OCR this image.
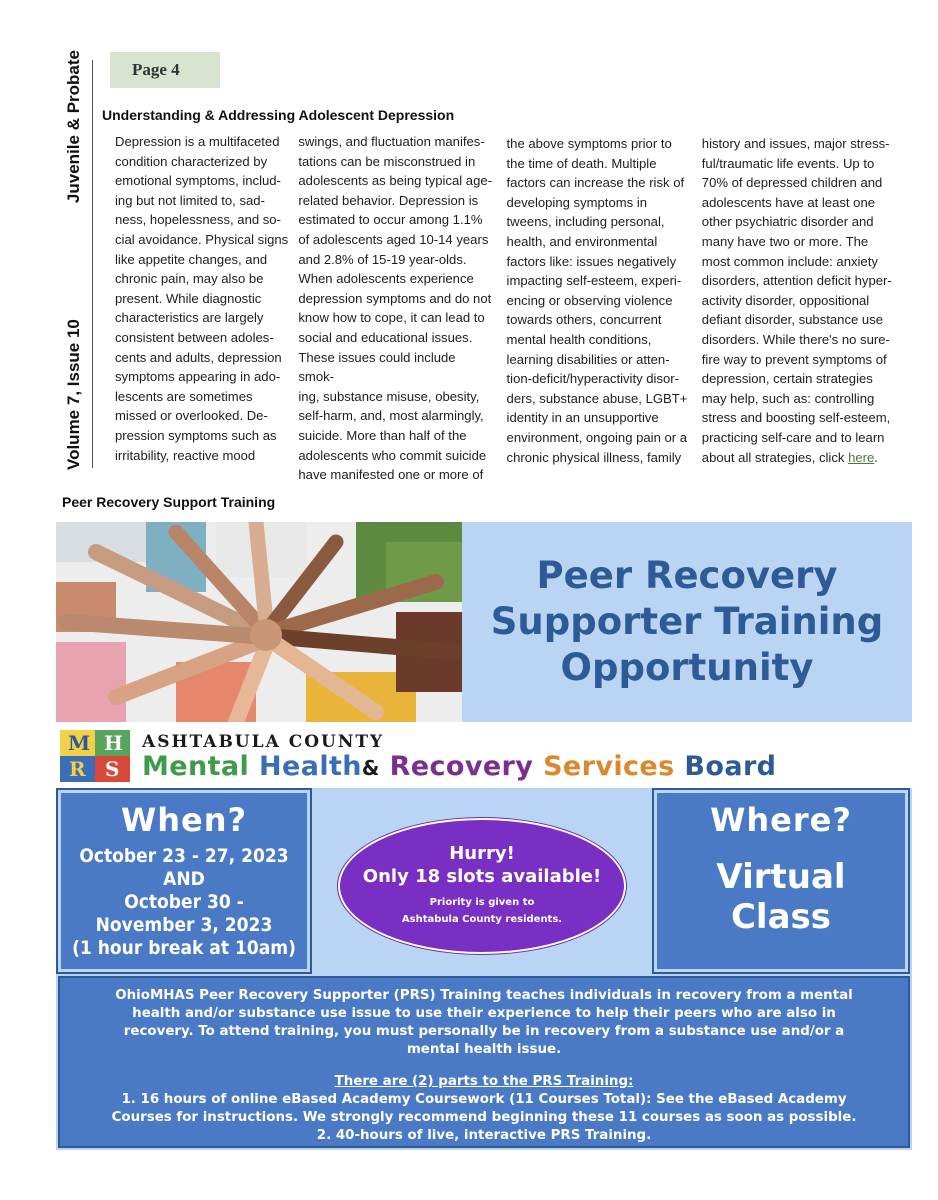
Page 4
Volume 7, Issue 10
Juvenile & Probate Understanding & Addressing Adolescent Depression

Depression is a multifaceted
condition characterized by
emotional symptoms, includ-
ing but not limited to, sad-
ness, hopelessness, and so-
cial avoidance. Physical signs
like appetite changes, and
chronic pain, may also be
present. While diagnostic
characteristics are largely
consistent between adoles-
cents and adults, depression
symptoms appearing in ado-
lescents are sometimes
missed or overlooked. De-
pression symptoms such as
irritability, reactive mood

swings, and fluctuation manifes-
tations can be misconstrued in
adolescents as being typical age-
related behavior. Depression is
estimated to occur among 1.1%
of adolescents aged 10-14 years
and 2.8% of 15-19 year-olds.
When adolescents experience
depression symptoms and do not
know how to cope, it can lead to
social and educational issues.
These issues could include smok-
ing, substance misuse, obesity,
self-harm, and, most alarmingly,
suicide. More than half of the
adolescents who commit suicide
have manifested one or more of

the above symptoms prior to
the time of death. Multiple
factors can increase the risk of
developing symptoms in
tweens, including personal,
health, and environmental
factors like: issues negatively
impacting self-esteem, experi-
encing or observing violence
towards others, concurrent
mental health conditions,
learning disabilities or atten-
tion-deficit/hyperactivity disor-
ders, substance abuse, LGBT+
identity in an unsupportive
environment, ongoing pain or a
chronic physical illness, family

history and issues, major stress-
ful/traumatic life events. Up to
70% of depressed children and
adolescents have at least one
other psychiatric disorder and
many have two or more. The
most common include: anxiety
disorders, attention deficit hyper-
activity disorder, oppositional
defiant disorder, substance use
disorders. While there's no sure-
fire way to prevent symptoms of
depression, certain strategies
may help, such as: controlling
stress and boosting self-esteem,
practicing self-care and to learn
about all strategies, click here.

Peer Recovery Support Training
Peer Recovery
Supporter Training
Opportunity
M H
R S
ASHTABULA COUNTY
Mental Health& Recovery Services Board
When?

October 23 - 27, 2023
AND
October 30 -
November 3, 2023
(1 hour break at 10am)

Hurry!
Only 18 slots available!
Priority is given to
Ashtabula County residents.
Where?

Virtual
Class

OhioMHAS Peer Recovery Supporter (PRS) Training teaches individuals in recovery from a mental
health and/or substance use issue to use their experience to help their peers who are also in
recovery. To attend training, you must personally be in recovery from a substance use and/or a
mental health issue.
There are (2) parts to the PRS Training:
1. 16 hours of online eBased Academy Coursework (11 Courses Total): See the eBased Academy
Courses for instructions. We strongly recommend beginning these 11 courses as soon as possible.
2. 40-hours of live, interactive PRS Training.
